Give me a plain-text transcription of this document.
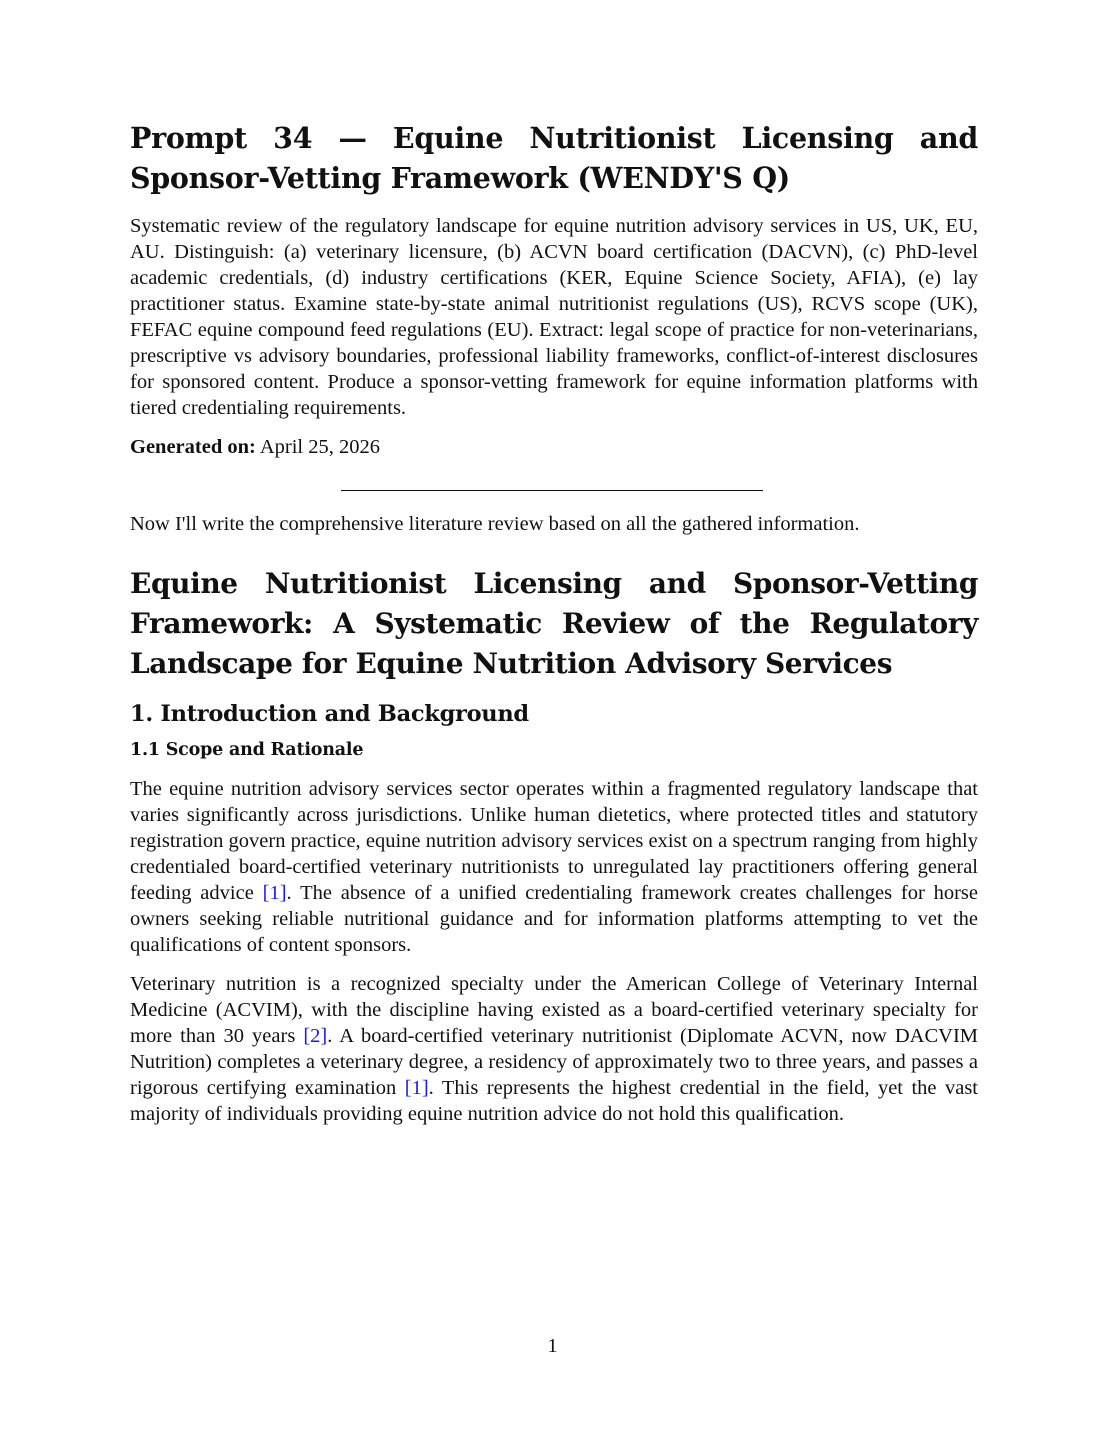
Prompt 34 — Equine Nutritionist Licensing and Sponsor-Vetting Framework (WENDY'S Q)

Systematic review of the regulatory landscape for equine nutrition advisory services in US, UK, EU, AU. Distinguish: (a) veterinary licensure, (b) ACVN board certification (DACVN), (c) PhD-level academic credentials, (d) industry certifications (KER, Equine Science Society, AFIA), (e) lay practitioner status. Examine state-by-state animal nutritionist regulations (US), RCVS scope (UK), FEFAC equine compound feed regulations (EU). Extract: legal scope of practice for non-veterinarians, prescriptive vs advisory boundaries, professional liability frameworks, conflict-of-interest disclosures for sponsored content. Produce a sponsor-vetting framework for equine information platforms with tiered credentialing requirements.

Generated on: April 25, 2026

Now I'll write the comprehensive literature review based on all the gathered information.

Equine Nutritionist Licensing and Sponsor-Vetting Framework: A Systematic Review of the Regulatory Landscape for Equine Nutrition Advisory Services
1. Introduction and Background
1.1 Scope and Rationale

The equine nutrition advisory services sector operates within a fragmented regulatory landscape that varies significantly across jurisdictions. Unlike human dietetics, where protected titles and statutory registration govern practice, equine nutrition advisory services exist on a spectrum ranging from highly credentialed board-certified veterinary nutritionists to unregulated lay practitioners offering general feeding advice [1]. The absence of a unified credentialing framework creates challenges for horse owners seeking reliable nutritional guidance and for information platforms attempting to vet the qualifications of content sponsors.

Veterinary nutrition is a recognized specialty under the American College of Veterinary Internal Medicine (ACVIM), with the discipline having existed as a board-certified veterinary specialty for more than 30 years [2]. A board-certified veterinary nutritionist (Diplomate ACVN, now DACVIM Nutrition) completes a veterinary degree, a residency of approximately two to three years, and passes a rigorous certifying examination [1]. This represents the highest credential in the field, yet the vast majority of individuals providing equine nutrition advice do not hold this qualification.

1
